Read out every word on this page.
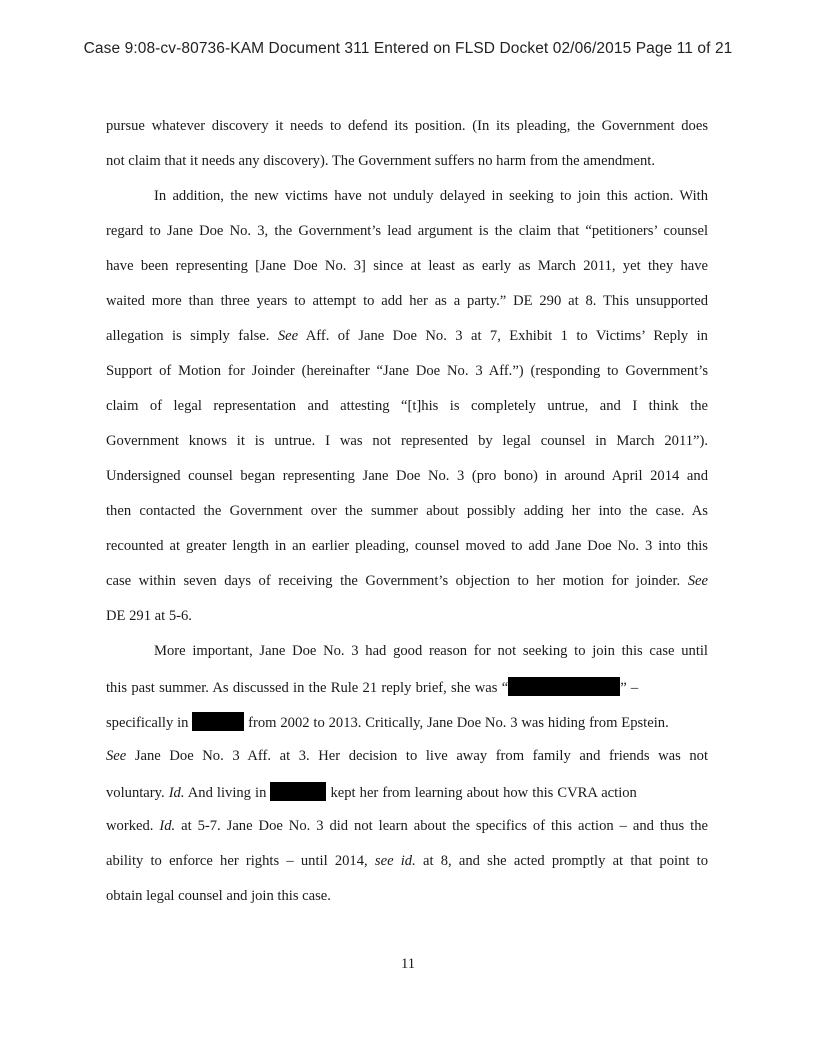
Case 9:08-cv-80736-KAM Document 311 Entered on FLSD Docket 02/06/2015 Page 11 of 21
pursue whatever discovery it needs to defend its position. (In its pleading, the Government does
not claim that it needs any discovery). The Government suffers no harm from the amendment.
In addition, the new victims have not unduly delayed in seeking to join this action. With
regard to Jane Doe No. 3, the Government’s lead argument is the claim that “petitioners’ counsel
have been representing [Jane Doe No. 3] since at least as early as March 2011, yet they have
waited more than three years to attempt to add her as a party.” DE 290 at 8. This unsupported
allegation is simply false. See Aff. of Jane Doe No. 3 at 7, Exhibit 1 to Victims’ Reply in
Support of Motion for Joinder (hereinafter “Jane Doe No. 3 Aff.”) (responding to Government’s
claim of legal representation and attesting “[t]his is completely untrue, and I think the
Government knows it is untrue. I was not represented by legal counsel in March 2011”).
Undersigned counsel began representing Jane Doe No. 3 (pro bono) in around April 2014 and
then contacted the Government over the summer about possibly adding her into the case. As
recounted at greater length in an earlier pleading, counsel moved to add Jane Doe No. 3 into this
case within seven days of receiving the Government’s objection to her motion for joinder. See
DE 291 at 5-6.
More important, Jane Doe No. 3 had good reason for not seeking to join this case until
this past summer. As discussed in the Rule 21 reply brief, she was “	” –
specifically in	from 2002 to 2013. Critically, Jane Doe No. 3 was hiding from Epstein.
See Jane Doe No. 3 Aff. at 3. Her decision to live away from family and friends was not
voluntary. Id. And living in	kept her from learning about how this CVRA action
worked. Id. at 5-7. Jane Doe No. 3 did not learn about the specifics of this action – and thus the
ability to enforce her rights – until 2014, see id. at 8, and she acted promptly at that point to
obtain legal counsel and join this case.
11
